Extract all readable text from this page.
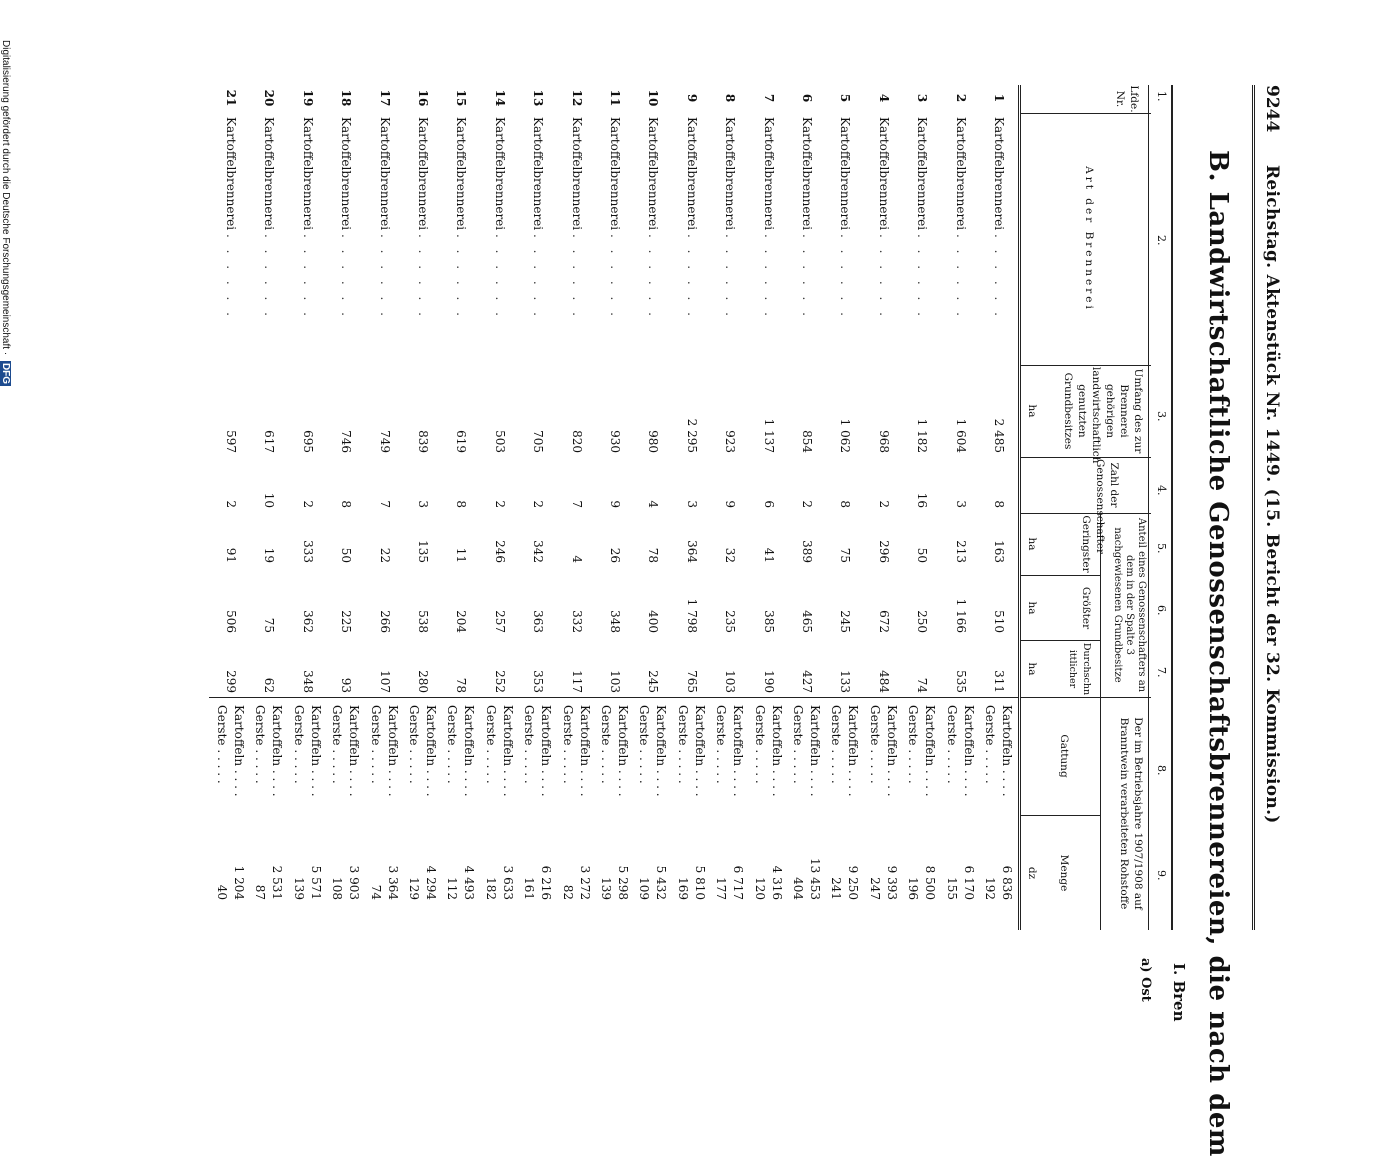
9244
Reichstag. Aktenstück Nr. 1449. (15. Bericht der 32. Kommission.)
B. Landwirtschaftliche Genossenschaftsbrennereien, die nach dem
I. Bren
a) Ost
1.
2.
3.
4.
5.
6.
7.
8.
9.
Lfde. Nr.
Art der Brennerei
Umfang des zur Brennerei gehörigen landwirtschaftlich genutzten Grundbesitzes
ha
Zahl der Genossenschafter
Anteil eines Genossenschafters an dem in der Spalte 3 nachgewiesenen Grundbesitze
Geringster
ha
Größter
ha
Durchschnittlicher
ha
Der im Betriebsjahre 1907/1908 auf Branntwein verarbeiteten Rohstoffe
Gattung
Menge
dz
1
Kartoffelbrennerei . . . . . .
2 485
8
163
510
311
Kartoffeln . . . .
Gerste . . . . .
6 836
192
2
Kartoffelbrennerei . . . . . .
1 604
3
213
1 166
535
Kartoffeln . . . .
Gerste . . . . .
6 170
155
3
Kartoffelbrennerei . . . . . .
1 182
16
50
250
74
Kartoffeln . . . .
Gerste . . . . .
8 500
196
4
Kartoffelbrennerei . . . . . .
968
2
296
672
484
Kartoffeln . . . .
Gerste . . . . .
9 393
247
5
Kartoffelbrennerei . . . . . .
1 062
8
75
245
133
Kartoffeln . . . .
Gerste . . . . .
9 250
241
6
Kartoffelbrennerei . . . . . .
854
2
389
465
427
Kartoffeln . . . .
Gerste . . . . .
13 453
404
7
Kartoffelbrennerei . . . . . .
1 137
6
41
385
190
Kartoffeln . . . .
Gerste . . . . .
4 316
120
8
Kartoffelbrennerei . . . . . .
923
9
32
235
103
Kartoffeln . . . .
Gerste . . . . .
6 717
177
9
Kartoffelbrennerei . . . . . .
2 295
3
364
1 798
765
Kartoffeln . . . .
Gerste . . . . .
5 810
169
10
Kartoffelbrennerei . . . . . .
980
4
78
400
245
Kartoffeln . . . .
Gerste . . . . .
5 432
109
11
Kartoffelbrennerei . . . . . .
930
9
26
348
103
Kartoffeln . . . .
Gerste . . . . .
5 298
139
12
Kartoffelbrennerei . . . . . .
820
7
4
332
117
Kartoffeln . . . .
Gerste . . . . .
3 272
82
13
Kartoffelbrennerei . . . . . .
705
2
342
363
353
Kartoffeln . . . .
Gerste . . . . .
6 216
161
14
Kartoffelbrennerei . . . . . .
503
2
246
257
252
Kartoffeln . . . .
Gerste . . . . .
3 633
182
15
Kartoffelbrennerei . . . . . .
619
8
11
204
78
Kartoffeln . . . .
Gerste . . . . .
4 493
112
16
Kartoffelbrennerei . . . . . .
839
3
135
538
280
Kartoffeln . . . .
Gerste . . . . .
4 294
129
17
Kartoffelbrennerei . . . . . .
749
7
22
266
107
Kartoffeln . . . .
Gerste . . . . .
3 364
74
18
Kartoffelbrennerei . . . . . .
746
8
50
225
93
Kartoffeln . . . .
Gerste . . . . .
3 903
108
19
Kartoffelbrennerei . . . . . .
695
2
333
362
348
Kartoffeln . . . .
Gerste . . . . .
5 571
139
20
Kartoffelbrennerei . . . . . .
617
10
19
75
62
Kartoffeln . . . .
Gerste . . . . .
2 531
87
21
Kartoffelbrennerei . . . . . .
597
2
91
506
299
Kartoffeln . . . .
Gerste . . . . .
1 204
40
Digitalisierung gefördert durch die Deutsche Forschungsgemeinschaft · DFG
